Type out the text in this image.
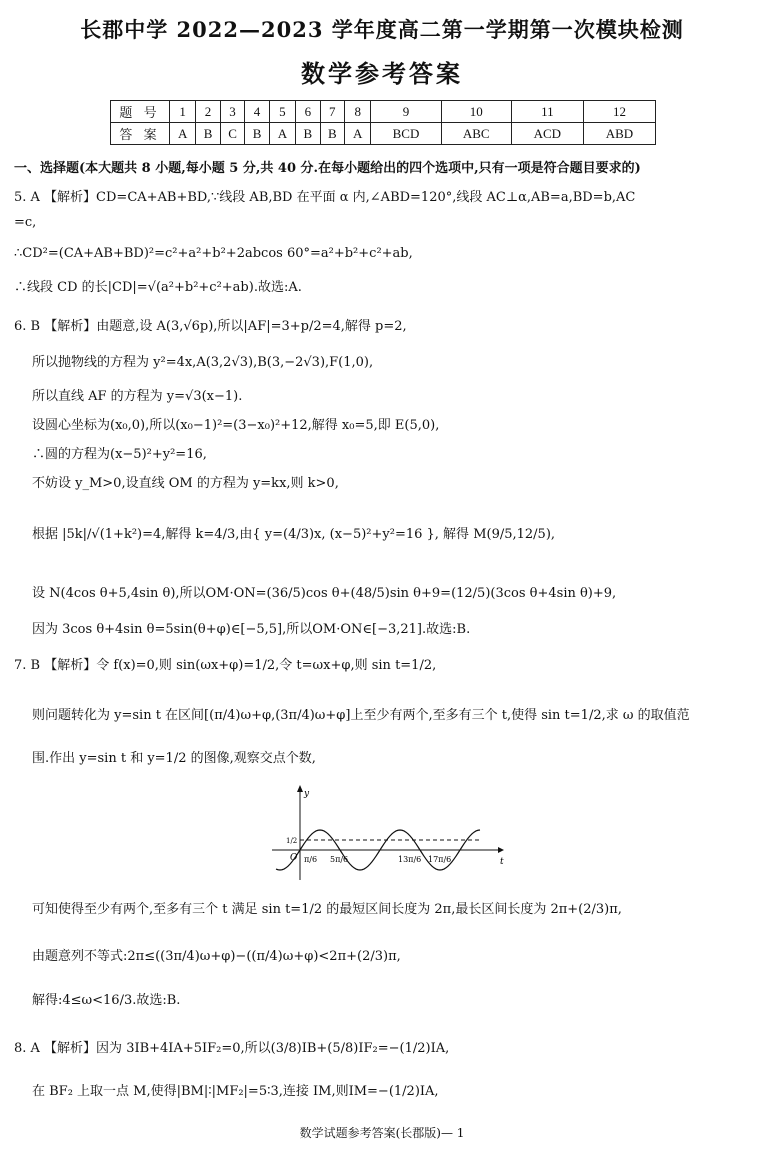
长郡中学 2022—2023 学年度高二第一学期第一次模块检测
数学参考答案
题 号	1	2	3	4	5	6	7	8	9	10	11	12
答 案	A	B	C	B	A	B	B	A	BCD	ABC	ACD	ABD
一、选择题(本大题共 8 小题,每小题 5 分,共 40 分.在每小题给出的四个选项中,只有一项是符合题目要求的)
5. A 【解析】CD=CA+AB+BD,∵线段 AB,BD 在平面 α 内,∠ABD=120°,线段 AC⊥α,AB=a,BD=b,AC
=c,
∴CD²=(CA+AB+BD)²=c²+a²+b²+2abcos 60°=a²+b²+c²+ab,
∴线段 CD 的长|CD|=√(a²+b²+c²+ab).故选:A.
6. B 【解析】由题意,设 A(3,√6p),所以|AF|=3+p/2=4,解得 p=2,
所以抛物线的方程为 y²=4x,A(3,2√3),B(3,−2√3),F(1,0),
所以直线 AF 的方程为 y=√3(x−1).
设圆心坐标为(x₀,0),所以(x₀−1)²=(3−x₀)²+12,解得 x₀=5,即 E(5,0),
∴圆的方程为(x−5)²+y²=16,
不妨设 y_M>0,设直线 OM 的方程为 y=kx,则 k>0,
根据 |5k|/√(1+k²)=4,解得 k=4/3,由{ y=(4/3)x, (x−5)²+y²=16 }, 解得 M(9/5,12/5),
设 N(4cos θ+5,4sin θ),所以OM·ON=(36/5)cos θ+(48/5)sin θ+9=(12/5)(3cos θ+4sin θ)+9,
因为 3cos θ+4sin θ=5sin(θ+φ)∈[−5,5],所以OM·ON∈[−3,21].故选:B.
7. B 【解析】令 f(x)=0,则 sin(ωx+φ)=1/2,令 t=ωx+φ,则 sin t=1/2,
则问题转化为 y=sin t 在区间[(π/4)ω+φ,(3π/4)ω+φ]上至少有两个,至多有三个 t,使得 sin t=1/2,求 ω 的取值范
围.作出 y=sin t 和 y=1/2 的图像,观察交点个数,
y
t
O
1/2
π/6 5π/6	13π/6 17π/6
可知使得至少有两个,至多有三个 t 满足 sin t=1/2 的最短区间长度为 2π,最长区间长度为 2π+(2/3)π,
由题意列不等式:2π≤((3π/4)ω+φ)−((π/4)ω+φ)<2π+(2/3)π,
解得:4≤ω<16/3.故选:B.
8. A 【解析】因为 3IB+4IA+5IF₂=0,所以(3/8)IB+(5/8)IF₂=−(1/2)IA,
在 BF₂ 上取一点 M,使得|BM|∶|MF₂|=5∶3,连接 IM,则IM=−(1/2)IA,
数学试题参考答案(长郡版)— 1
